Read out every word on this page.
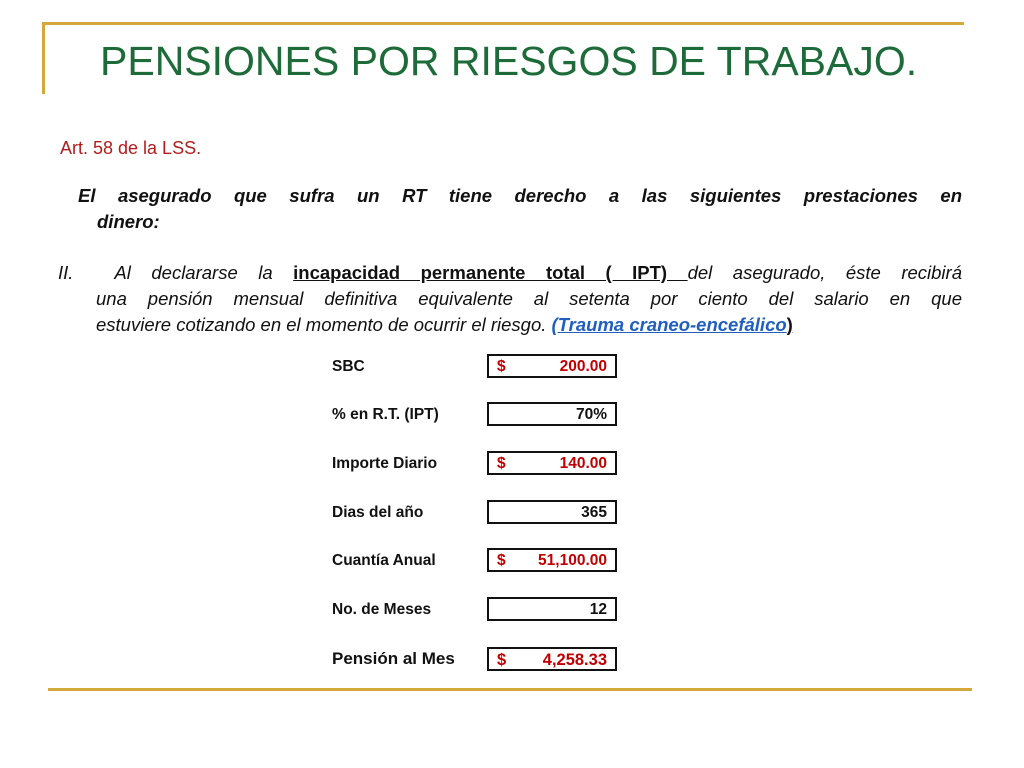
PENSIONES POR RIESGOS DE TRABAJO.
Art. 58 de la LSS.
El asegurado que sufra un RT tiene derecho a las siguientes prestaciones en
dinero:
II. Al declararse la incapacidad permanente total ( IPT) del asegurado, éste recibirá
una pensión mensual definitiva equivalente al setenta por ciento del salario en que
estuviere cotizando en el momento de ocurrir el riesgo. (Trauma craneo-encefálico)
SBC	$	200.00
% en R.T. (IPT)	70%
Importe Diario	$	140.00
Dias del año	365
Cuantía Anual	$ 51,100.00
No. de Meses	12
Pensión al Mes	$ 4,258.33
